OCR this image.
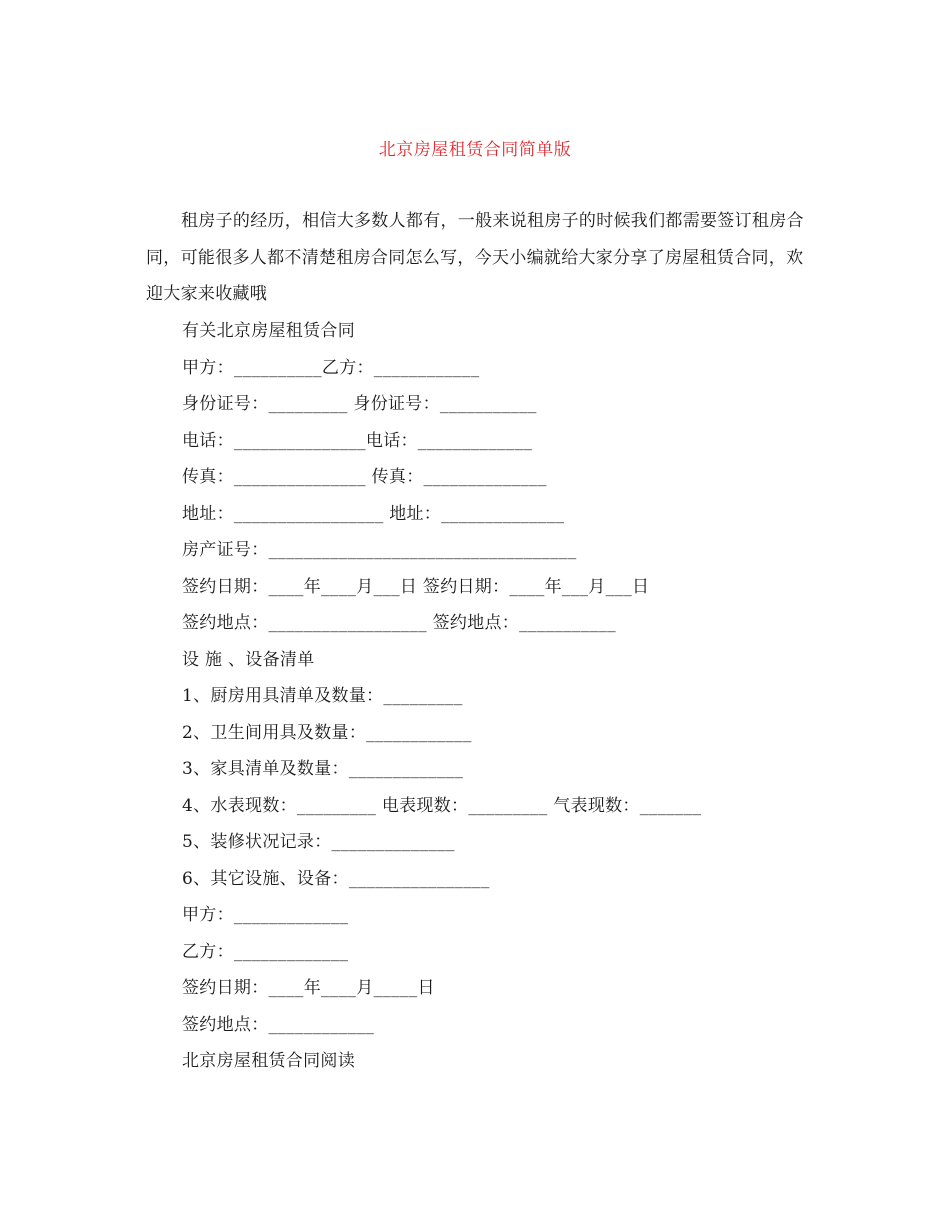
北京房屋租赁合同简单版

租房子的经历，相信大多数人都有，一般来说租房子的时候我们都需要签订租房合同，可能很多人都不清楚租房合同怎么写，今天小编就给大家分享了房屋租赁合同，欢迎大家来收藏哦

有关北京房屋租赁合同
甲方：__________乙方：____________
身份证号：_________ 身份证号：___________
电话：_______________电话：_____________
传真：_______________ 传真：______________
地址：_________________ 地址：______________
房产证号：___________________________________
签约日期：____年____月___日 签约日期：____年___月___日
签约地点：__________________ 签约地点：___________
设 施 、设备清单
1、厨房用具清单及数量：_________
2、卫生间用具及数量：____________
3、家具清单及数量：_____________
4、水表现数：_________ 电表现数：_________ 气表现数：_______
5、装修状况记录：______________
6、其它设施、设备：________________
甲方：_____________
乙方：_____________
签约日期：____年____月_____日
签约地点：____________
北京房屋租赁合同阅读
